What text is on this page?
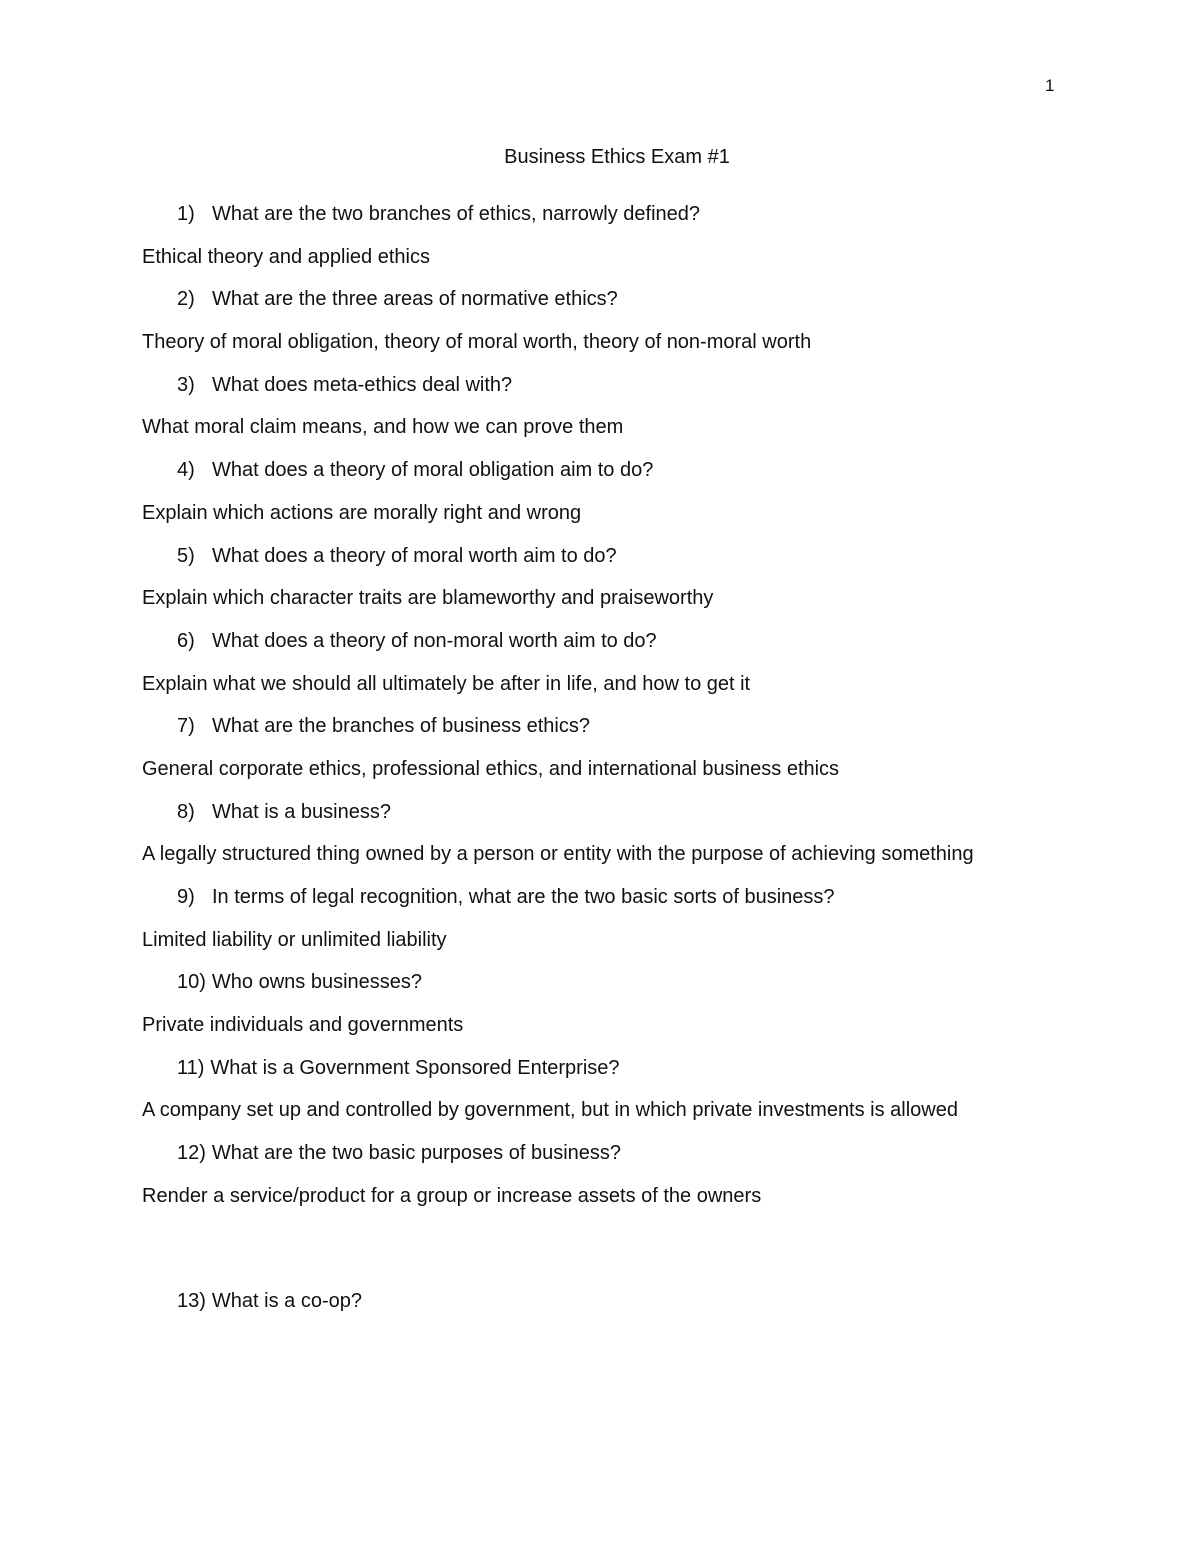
1
Business Ethics Exam #1
1) What are the two branches of ethics, narrowly defined?
Ethical theory and applied ethics
2) What are the three areas of normative ethics?
Theory of moral obligation, theory of moral worth, theory of non-moral worth
3) What does meta-ethics deal with?
What moral claim means, and how we can prove them
4) What does a theory of moral obligation aim to do?
Explain which actions are morally right and wrong
5) What does a theory of moral worth aim to do?
Explain which character traits are blameworthy and praiseworthy
6) What does a theory of non-moral worth aim to do?
Explain what we should all ultimately be after in life, and how to get it
7) What are the branches of business ethics?
General corporate ethics, professional ethics, and international business ethics
8) What is a business?
A legally structured thing owned by a person or entity with the purpose of achieving something
9) In terms of legal recognition, what are the two basic sorts of business?
Limited liability or unlimited liability
10) Who owns businesses?
Private individuals and governments
11) What is a Government Sponsored Enterprise?
A company set up and controlled by government, but in which private investments is allowed
12) What are the two basic purposes of business?
Render a service/product for a group or increase assets of the owners
13) What is a co-op?
